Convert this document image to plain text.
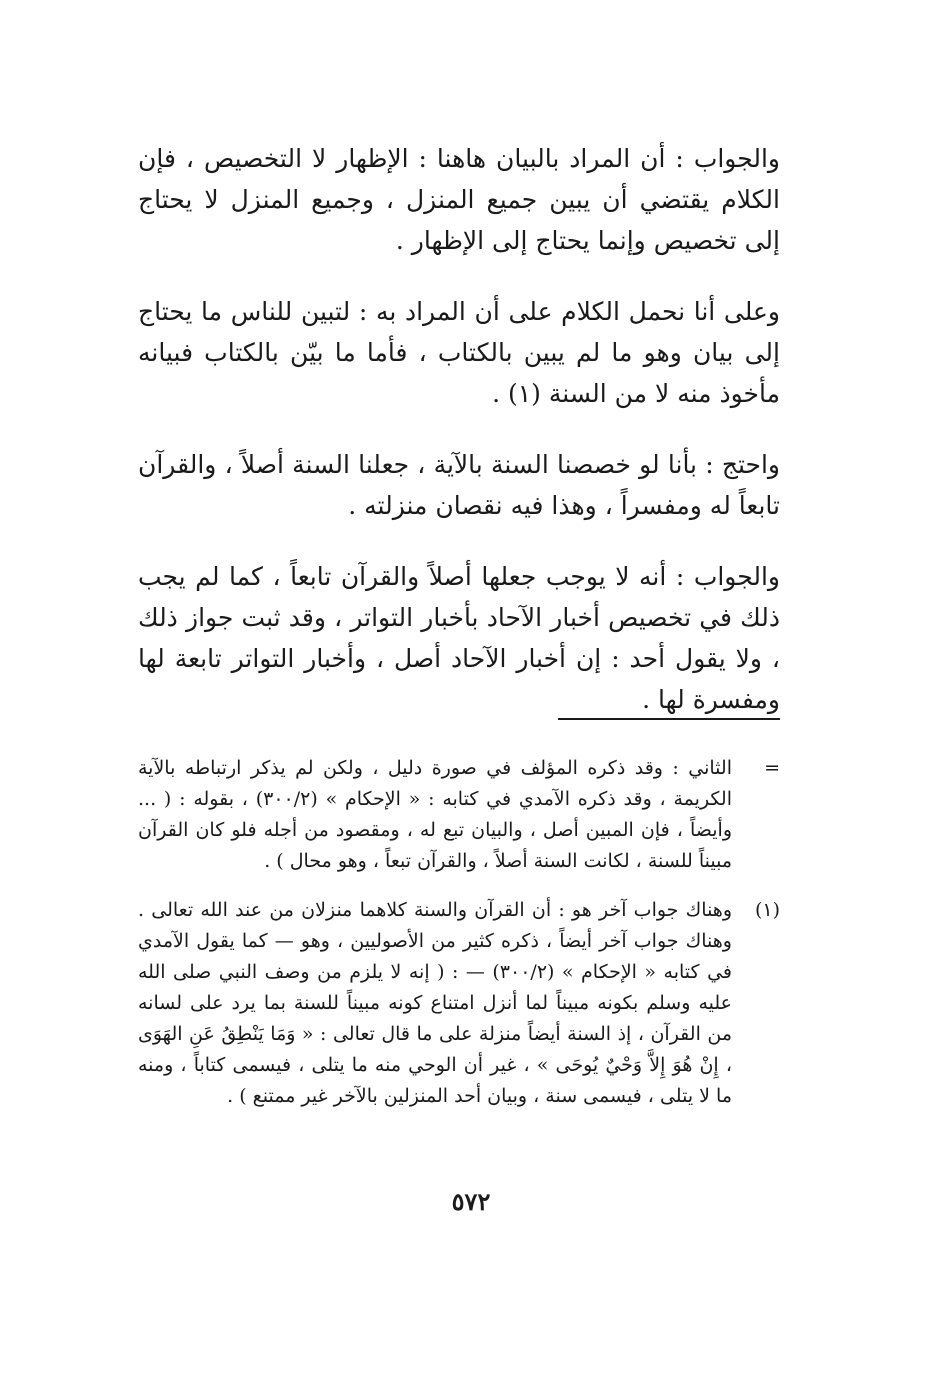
والجواب : أن المراد بالبيان هاهنا : الإظهار لا التخصيص ، فإن الكلام يقتضي أن يبين جميع المنزل ، وجميع المنزل لا يحتاج إلى تخصيص وإنما يحتاج إلى الإظهار .

وعلى أنا نحمل الكلام على أن المراد به : لتبين للناس ما يحتاج إلى بيان وهو ما لم يبين بالكتاب ، فأما ما بيّن بالكتاب فبيانه مأخوذ منه لا من السنة (١) .

واحتج : بأنا لو خصصنا السنة بالآية ، جعلنا السنة أصلاً ، والقرآن تابعاً له ومفسراً ، وهذا فيه نقصان منزلته .

والجواب : أنه لا يوجب جعلها أصلاً والقرآن تابعاً ، كما لم يجب ذلك في تخصيص أخبار الآحاد بأخبار التواتر ، وقد ثبت جواز ذلك ، ولا يقول أحد : إن أخبار الآحاد أصل ، وأخبار التواتر تابعة لها ومفسرة لها .

=
الثاني : وقد ذكره المؤلف في صورة دليل ، ولكن لم يذكر ارتباطه بالآية الكريمة ، وقد ذكره الآمدي في كتابه : « الإحكام » (٣٠٠/٢) ، بقوله : ( ... وأيضاً ، فإن المبين أصل ، والبيان تبع له ، ومقصود من أجله فلو كان القرآن مبيناً للسنة ، لكانت السنة أصلاً ، والقرآن تبعاً ، وهو محال ) .
(١)
وهناك جواب آخر هو : أن القرآن والسنة كلاهما منزلان من عند الله تعالى . وهناك جواب آخر أيضاً ، ذكره كثير من الأصوليين ، وهو — كما يقول الآمدي في كتابه « الإحكام » (٣٠٠/٢) — : ( إنه لا يلزم من وصف النبي صلى الله عليه وسلم بكونه مبيناً لما أنزل امتناع كونه مبيناً للسنة بما يرد على لسانه من القرآن ، إذ السنة أيضاً منزلة على ما قال تعالى : « وَمَا يَنْطِقُ عَنِ الهَوَى ، إِنْ هُوَ إِلاَّ وَحْيٌ يُوحَى » ، غير أن الوحي منه ما يتلى ، فيسمى كتاباً ، ومنه ما لا يتلى ، فيسمى سنة ، وبيان أحد المنزلين بالآخر غير ممتنع ) .
٥٧٢
